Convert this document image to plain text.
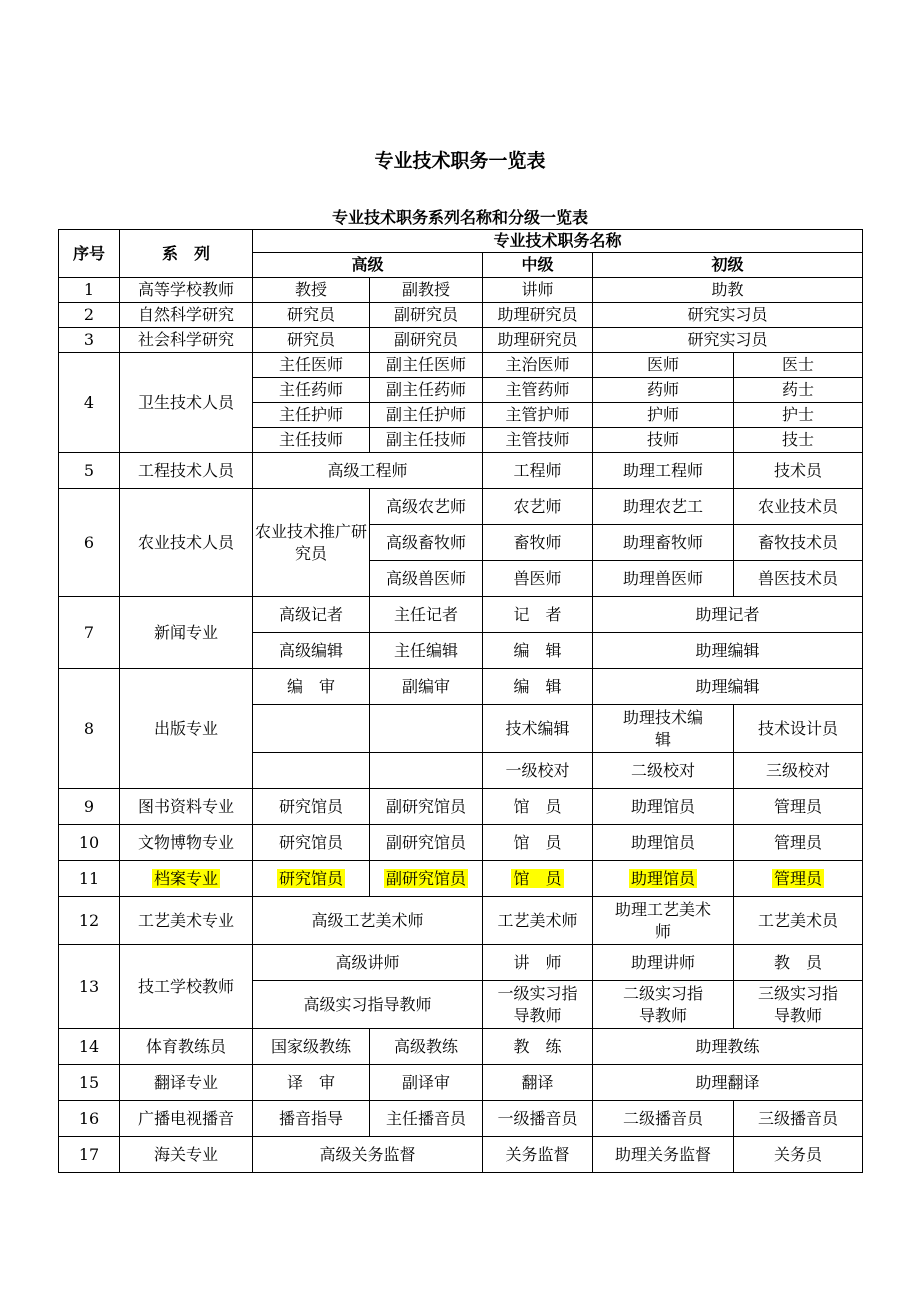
专业技术职务一览表
专业技术职务系列名称和分级一览表
序号	系　列	专业技术职务名称				
		高级		中级	初级	
1	高等学校教师	教授	副教授	讲师	助教	
2	自然科学研究	研究员	副研究员	助理研究员	研究实习员	
3	社会科学研究	研究员	副研究员	助理研究员	研究实习员	
4	卫生技术人员	主任医师	副主任医师	主治医师	医师	医士
		主任药师	副主任药师	主管药师	药师	药士
		主任护师	副主任护师	主管护师	护师	护士
		主任技师	副主任技师	主管技师	技师	技士
5	工程技术人员	高级工程师		工程师	助理工程师	技术员
6	农业技术人员	农业技术推广研究员	高级农艺师	农艺师	助理农艺工	农业技术员
			高级畜牧师	畜牧师	助理畜牧师	畜牧技术员
			高级兽医师	兽医师	助理兽医师	兽医技术员
7	新闻专业	高级记者	主任记者	记　者	助理记者	
		高级编辑	主任编辑	编　辑	助理编辑	
8	出版专业	编　审	副编审	编　辑	助理编辑	
				技术编辑	助理技术编辑	技术设计员
				一级校对	二级校对	三级校对
9	图书资料专业	研究馆员	副研究馆员	馆　员	助理馆员	管理员
10	文物博物专业	研究馆员	副研究馆员	馆　员	助理馆员	管理员
11	档案专业	研究馆员	副研究馆员	馆　员	助理馆员	管理员
12	工艺美术专业	高级工艺美术师		工艺美术师	助理工艺美术师	工艺美术员
13	技工学校教师	高级讲师		讲　师	助理讲师	教　员
		高级实习指导教师		一级实习指导教师	二级实习指导教师	三级实习指导教师

14	体育教练员	国家级教练	高级教练	教　练	助理教练	
15	翻译专业	译　审	副译审	翻译	助理翻译	
16	广播电视播音	播音指导	主任播音员	一级播音员	二级播音员	三级播音员
17	海关专业	高级关务监督		关务监督	助理关务监督	关务员
